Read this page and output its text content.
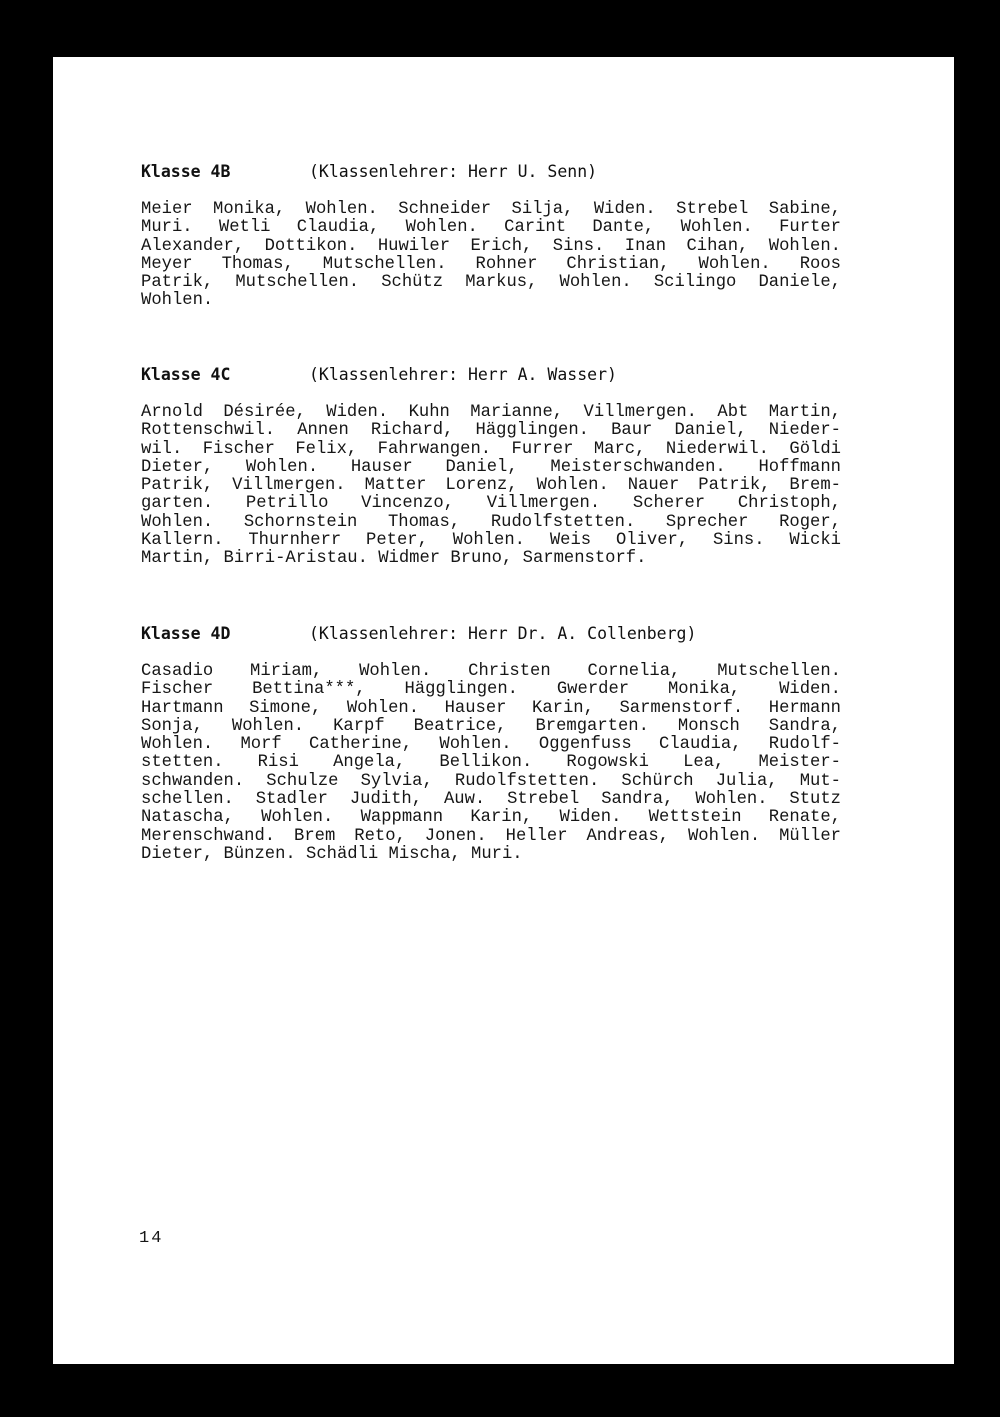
Klasse 4B	(Klassenlehrer: Herr U. Senn)
Meier Monika, Wohlen. Schneider Silja, Widen. Strebel Sabine,
Muri. Wetli Claudia, Wohlen. Carint Dante, Wohlen. Furter
Alexander, Dottikon. Huwiler Erich, Sins. Inan Cihan, Wohlen.
Meyer Thomas, Mutschellen. Rohner Christian, Wohlen. Roos
Patrik, Mutschellen. Schütz Markus, Wohlen. Scilingo Daniele,
Wohlen.
Klasse 4C	(Klassenlehrer: Herr A. Wasser)
Arnold Désirée, Widen. Kuhn Marianne, Villmergen. Abt Martin,
Rottenschwil. Annen Richard, Hägglingen. Baur Daniel, Nieder-
wil. Fischer Felix, Fahrwangen. Furrer Marc, Niederwil. Göldi
Dieter, Wohlen. Hauser Daniel, Meisterschwanden. Hoffmann
Patrik, Villmergen. Matter Lorenz, Wohlen. Nauer Patrik, Brem-
garten. Petrillo Vincenzo, Villmergen. Scherer Christoph,
Wohlen. Schornstein Thomas, Rudolfstetten. Sprecher Roger,
Kallern. Thurnherr Peter, Wohlen. Weis Oliver, Sins. Wicki
Martin, Birri-Aristau. Widmer Bruno, Sarmenstorf.
Klasse 4D	(Klassenlehrer: Herr Dr. A. Collenberg)
Casadio Miriam, Wohlen. Christen Cornelia, Mutschellen.
Fischer Bettina***, Hägglingen. Gwerder Monika, Widen.
Hartmann Simone, Wohlen. Hauser Karin, Sarmenstorf. Hermann
Sonja, Wohlen. Karpf Beatrice, Bremgarten. Monsch Sandra,
Wohlen. Morf Catherine, Wohlen. Oggenfuss Claudia, Rudolf-
stetten. Risi Angela, Bellikon. Rogowski Lea, Meister-
schwanden. Schulze Sylvia, Rudolfstetten. Schürch Julia, Mut-
schellen. Stadler Judith, Auw. Strebel Sandra, Wohlen. Stutz
Natascha, Wohlen. Wappmann Karin, Widen. Wettstein Renate,
Merenschwand. Brem Reto, Jonen. Heller Andreas, Wohlen. Müller
Dieter, Bünzen. Schädli Mischa, Muri.
14
